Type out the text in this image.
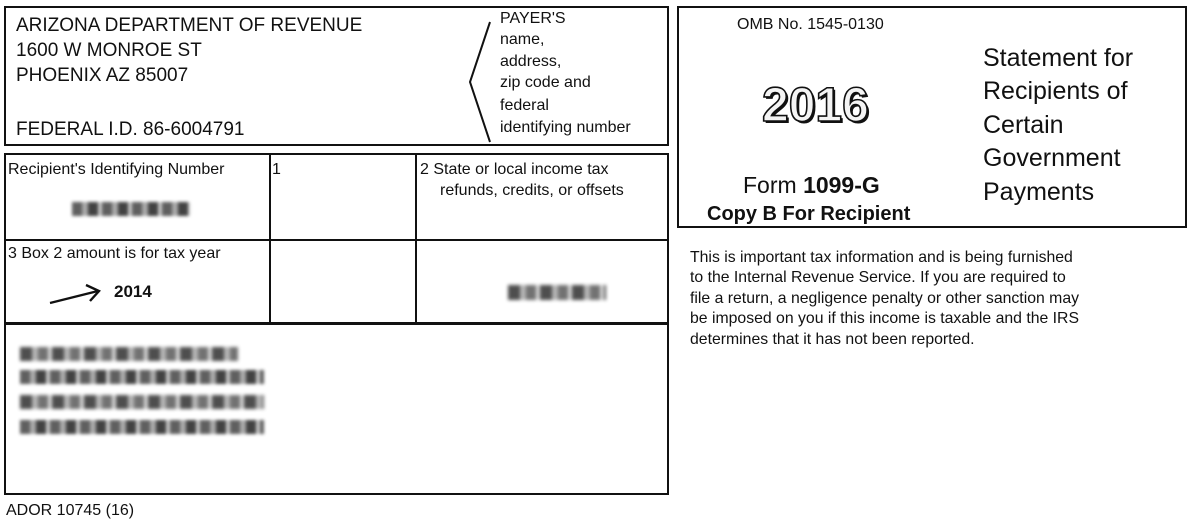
ARIZONA DEPARTMENT OF REVENUE
1600 W MONROE ST
PHOENIX AZ 85007
FEDERAL I.D. 86-6004791
PAYER'S
name,
address,
zip code and
federal
identifying number
Recipient's Identifying Number	1	2 State or local income tax
refunds, credits, or offsets
3 Box 2 amount is for tax year
2014
ADOR 10745 (16)
OMB No. 1545-0130
2016
Form 1099-G
Copy B For Recipient
Statement for
Recipients of
Certain
Government
Payments
This is important tax information and is being furnished
to the Internal Revenue Service. If you are required to
file a return, a negligence penalty or other sanction may
be imposed on you if this income is taxable and the IRS
determines that it has not been reported.
